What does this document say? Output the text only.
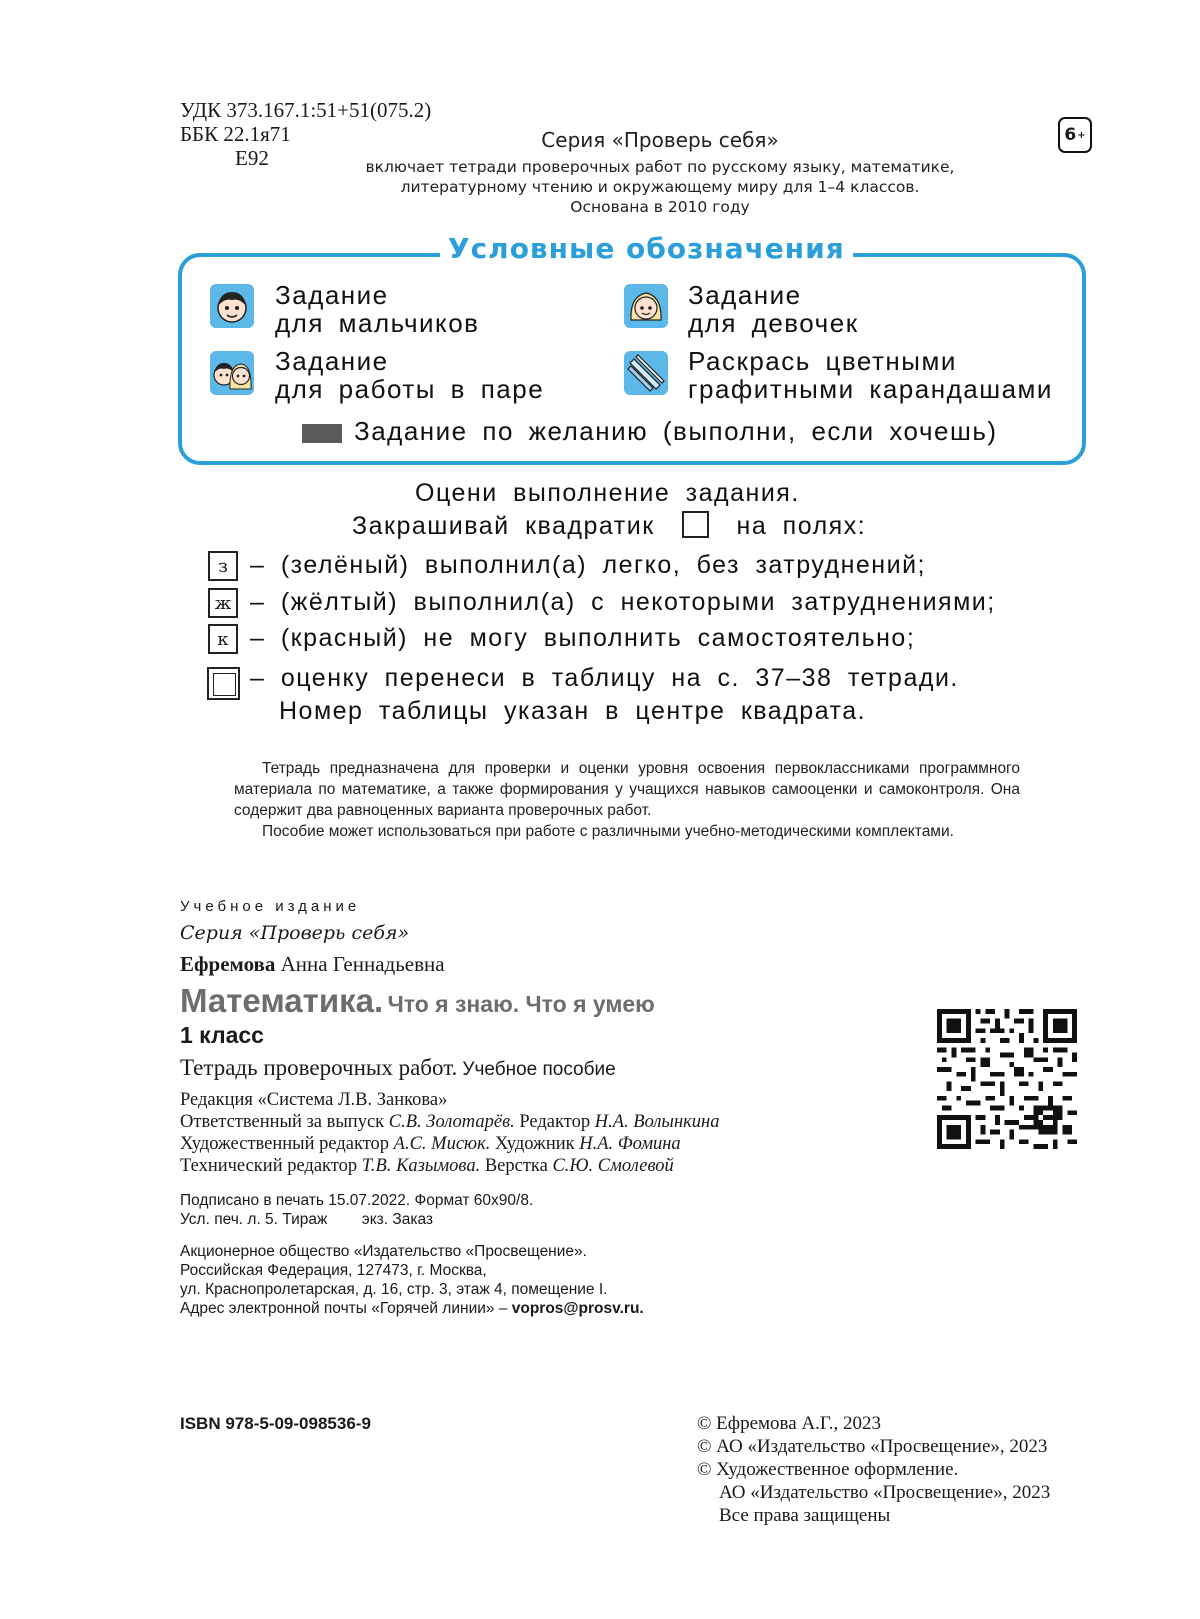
УДК 373.167.1:51+51(075.2)
ББК 22.1я71
Е92
Серия «Проверь себя»
включает тетради проверочных работ по русскому языку, математике,
литературному чтению и окружающему миру для 1–4 классов.
Основана в 2010 году
6 +
Условные обозначения
Задание
для мальчиков
Задание
для девочек
Задание
для работы в паре
Раскрась цветными
графитными карандашами
Задание по желанию (выполни, если хочешь)
Оцени выполнение задания.
Закрашивай квадратик	на полях:
з – (зелёный) выполнил(а) легко, без затруднений;
ж – (жёлтый) выполнил(а) с некоторыми затруднениями;
к – (красный) не могу выполнить самостоятельно;
– оценку перенеси в таблицу на с. 37–38 тетради.
Номер таблицы указан в центре квадрата.
Тетрадь предназначена для проверки и оценки уровня освоения первоклассниками программного материала по математике, а также формирования у учащихся навыков самооценки и самоконтроля. Она содержит два равноценных варианта проверочных работ.
Пособие может использоваться при работе с различными учебно-методическими комплектами.
Учебное издание
Серия «Проверь себя»
Ефремова Анна Геннадьевна
Математика. Что я знаю. Что я умею
1 класс
Тетрадь проверочных работ. Учебное пособие
Редакция «Система Л.В. Занкова»
Ответственный за выпуск С.В. Золотарёв. Редактор Н.А. Волынкина
Художественный редактор А.С. Мисюк. Художник Н.А. Фомина
Технический редактор Т.В. Казымова. Верстка С.Ю. Смолевой
Подписано в печать 15.07.2022. Формат 60x90/8.
Усл. печ. л. 5. Тираж        экз. Заказ
Акционерное общество «Издательство «Просвещение».
Российская Федерация, 127473, г. Москва,
ул. Краснопролетарская, д. 16, стр. 3, этаж 4, помещение I.
Адрес электронной почты «Горячей линии» – vopros@prosv.ru.
ISBN 978-5-09-098536-9	© Ефремова А.Г., 2023
© АО «Издательство «Просвещение», 2023
© Художественное оформление.
АО «Издательство «Просвещение», 2023
Все права защищены
